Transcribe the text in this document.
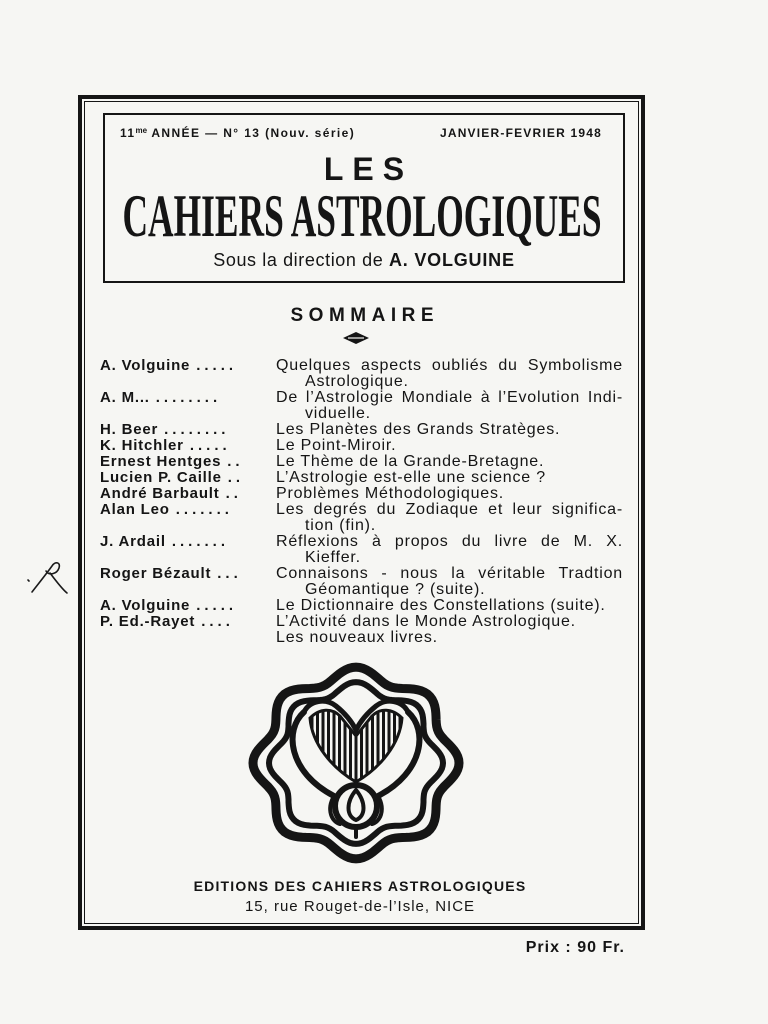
$11^{me}$ ANNÉE — N° 13 (Nouv. série)	JANVIER-FEVRIER 1948
LES
CAHIERS ASTROLOGIQUES
Sous la direction de A. VOLGUINE
SOMMAIRE
A. Volguine .....	Quelques aspects oubliés du Symbolisme
Astrologique.
A. M... ........	De l’Astrologie Mondiale à l’Evolution Indi-
viduelle.
H. Beer ........	Les Planètes des Grands Stratèges.
K. Hitchler .....	Le Point-Miroir.
Ernest Hentges ..	Le Thème de la Grande-Bretagne.
Lucien P. Caille ..	L’Astrologie est-elle une science ?
André Barbault ..	Problèmes Méthodologiques.
Alan Leo .......	Les degrés du Zodiaque et leur significa-
tion (fin).
J. Ardail .......	Réflexions à propos du livre de M. X.
Kieffer.
Roger Bézault ...	Connaisons - nous la véritable Tradtion
Géomantique ? (suite).
A. Volguine .....	Le Dictionnaire des Constellations (suite).
P. Ed.-Rayet ....	L’Activité dans le Monde Astrologique.
Les nouveaux livres.
EDITIONS DES CAHIERS ASTROLOGIQUES
15, rue Rouget-de-l’Isle, NICE
Prix : 90 Fr.
